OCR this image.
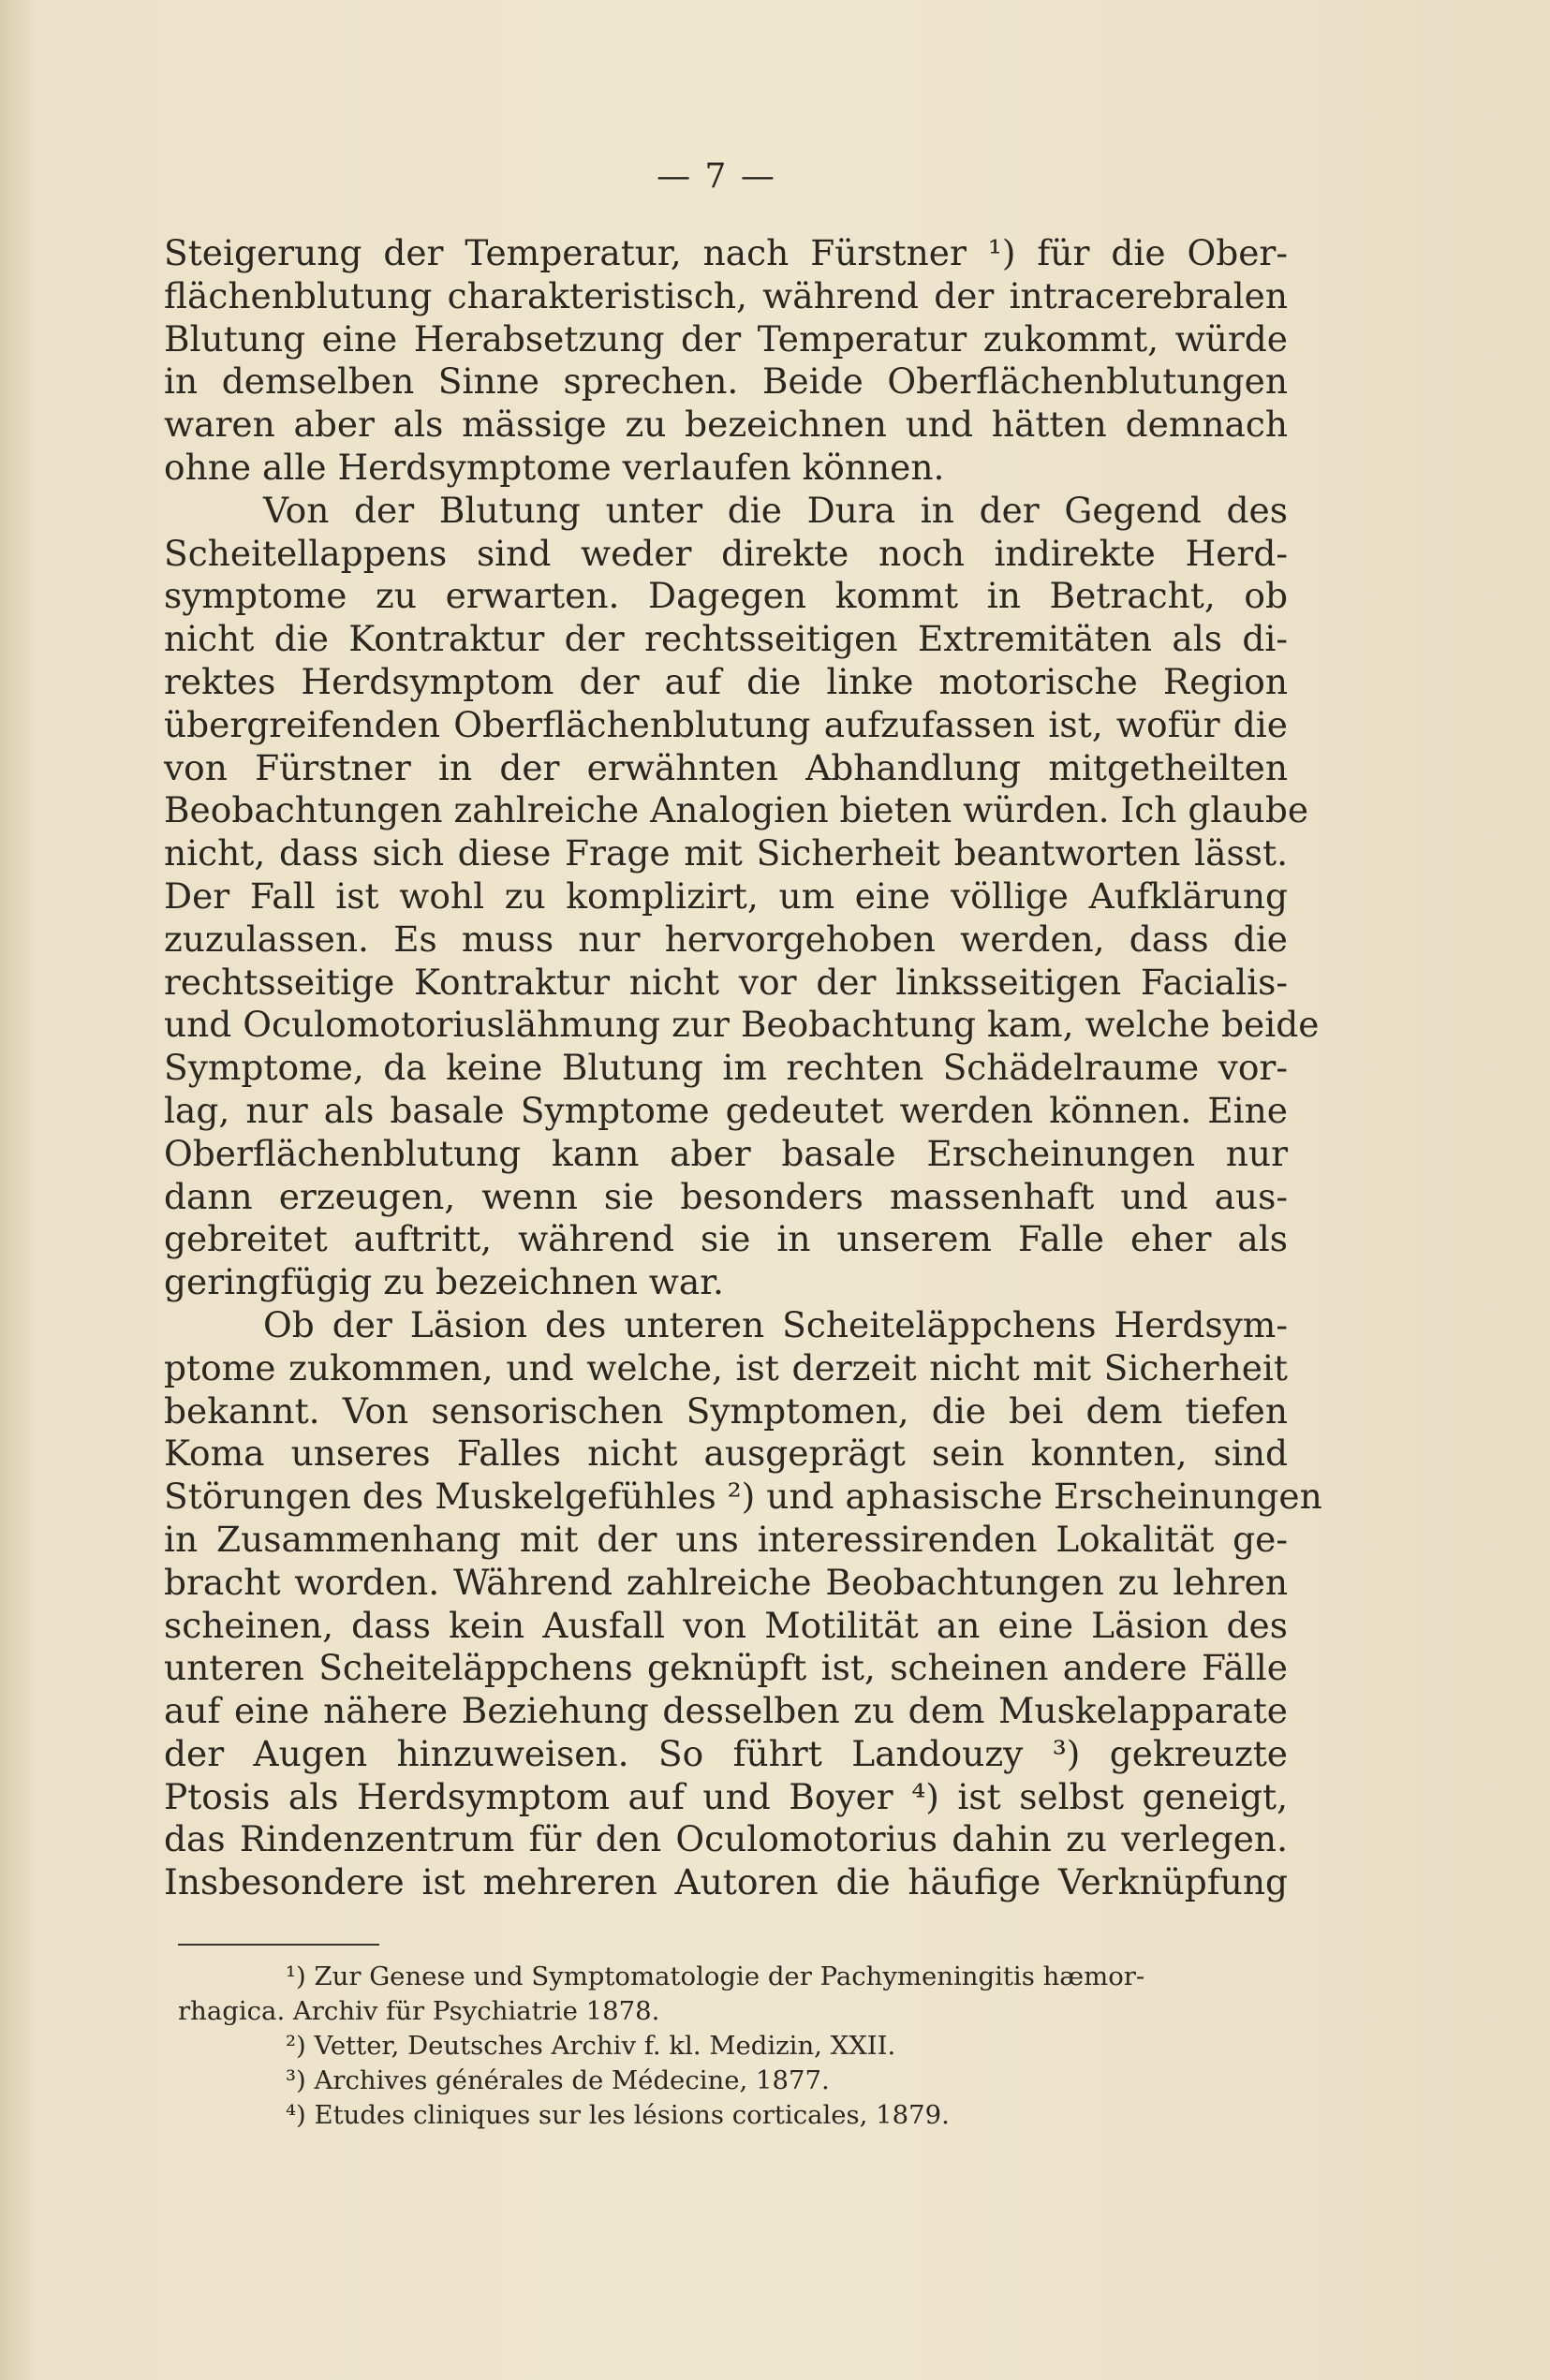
— 7 —
Steigerung der Temperatur, nach Fürstner ¹) für die Ober-
flächenblutung charakteristisch, während der intracerebralen
Blutung eine Herabsetzung der Temperatur zukommt, würde
in demselben Sinne sprechen. Beide Oberflächenblutungen
waren aber als mässige zu bezeichnen und hätten demnach
ohne alle Herdsymptome verlaufen können.
Von der Blutung unter die Dura in der Gegend des
Scheitellappens sind weder direkte noch indirekte Herd-
symptome zu erwarten. Dagegen kommt in Betracht, ob
nicht die Kontraktur der rechtsseitigen Extremitäten als di-
rektes Herdsymptom der auf die linke motorische Region
übergreifenden Oberflächenblutung aufzufassen ist, wofür die
von Fürstner in der erwähnten Abhandlung mitgetheilten
Beobachtungen zahlreiche Analogien bieten würden. Ich glaube
nicht, dass sich diese Frage mit Sicherheit beantworten lässt.
Der Fall ist wohl zu komplizirt, um eine völlige Aufklärung
zuzulassen. Es muss nur hervorgehoben werden, dass die
rechtsseitige Kontraktur nicht vor der linksseitigen Facialis-
und Oculomotoriuslähmung zur Beobachtung kam, welche beide
Symptome, da keine Blutung im rechten Schädelraume vor-
lag, nur als basale Symptome gedeutet werden können. Eine
Oberflächenblutung kann aber basale Erscheinungen nur
dann erzeugen, wenn sie besonders massenhaft und aus-
gebreitet auftritt, während sie in unserem Falle eher als
geringfügig zu bezeichnen war.
Ob der Läsion des unteren Scheiteläppchens Herdsym-
ptome zukommen, und welche, ist derzeit nicht mit Sicherheit
bekannt. Von sensorischen Symptomen, die bei dem tiefen
Koma unseres Falles nicht ausgeprägt sein konnten, sind
Störungen des Muskelgefühles ²) und aphasische Erscheinungen
in Zusammenhang mit der uns interessirenden Lokalität ge-
bracht worden. Während zahlreiche Beobachtungen zu lehren
scheinen, dass kein Ausfall von Motilität an eine Läsion des
unteren Scheiteläppchens geknüpft ist, scheinen andere Fälle
auf eine nähere Beziehung desselben zu dem Muskelapparate
der Augen hinzuweisen. So führt Landouzy ³) gekreuzte
Ptosis als Herdsymptom auf und Boyer ⁴) ist selbst geneigt,
das Rindenzentrum für den Oculomotorius dahin zu verlegen.
Insbesondere ist mehreren Autoren die häufige Verknüpfung
¹) Zur Genese und Symptomatologie der Pachymeningitis hæmor-
rhagica. Archiv für Psychiatrie 1878.
²) Vetter, Deutsches Archiv f. kl. Medizin, XXII.
³) Archives générales de Médecine, 1877.
⁴) Etudes cliniques sur les lésions corticales, 1879.
